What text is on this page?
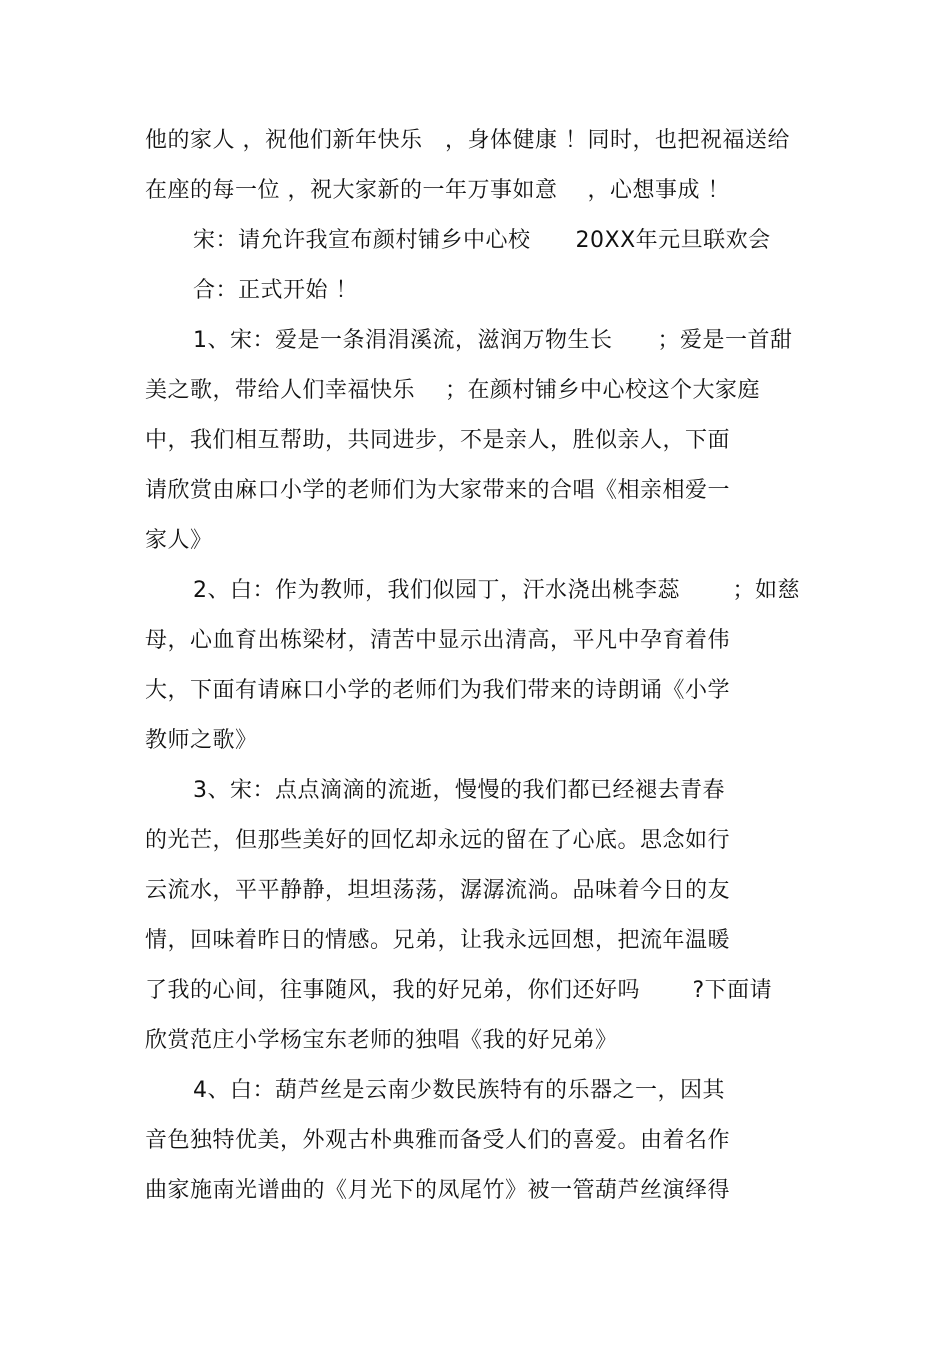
他的家人 ，祝他们新年快乐　，身体健康 ！同时，也把祝福送给
在座的每一位 ，祝大家新的一年万事如意　 ，心想事成 ！
宋：请允许我宣布颜村铺乡中心校　　20XX年元旦联欢会
合：正式开始 ！
1、宋：爱是一条涓涓溪流，滋润万物生长　　；爱是一首甜
美之歌，带给人们幸福快乐　 ；在颜村铺乡中心校这个大家庭
中，我们相互帮助，共同进步，不是亲人，胜似亲人，下面
请欣赏由麻口小学的老师们为大家带来的合唱《相亲相爱一
家人》
2、白：作为教师，我们似园丁，汗水浇出桃李蕊　　 ；如慈
母，心血育出栋梁材，清苦中显示出清高，平凡中孕育着伟
大，下面有请麻口小学的老师们为我们带来的诗朗诵《小学
教师之歌》
3、宋：点点滴滴的流逝，慢慢的我们都已经褪去青春
的光芒，但那些美好的回忆却永远的留在了心底。思念如行
云流水，平平静静，坦坦荡荡，潺潺流淌。品味着今日的友
情，回味着昨日的情感。兄弟，让我永远回想，把流年温暖
了我的心间，往事随风，我的好兄弟，你们还好吗　　 ?下面请
欣赏范庄小学杨宝东老师的独唱《我的好兄弟》
4、白：葫芦丝是云南少数民族特有的乐器之一，因其
音色独特优美，外观古朴典雅而备受人们的喜爱。由着名作
曲家施南光谱曲的《月光下的凤尾竹》被一管葫芦丝演绎得
